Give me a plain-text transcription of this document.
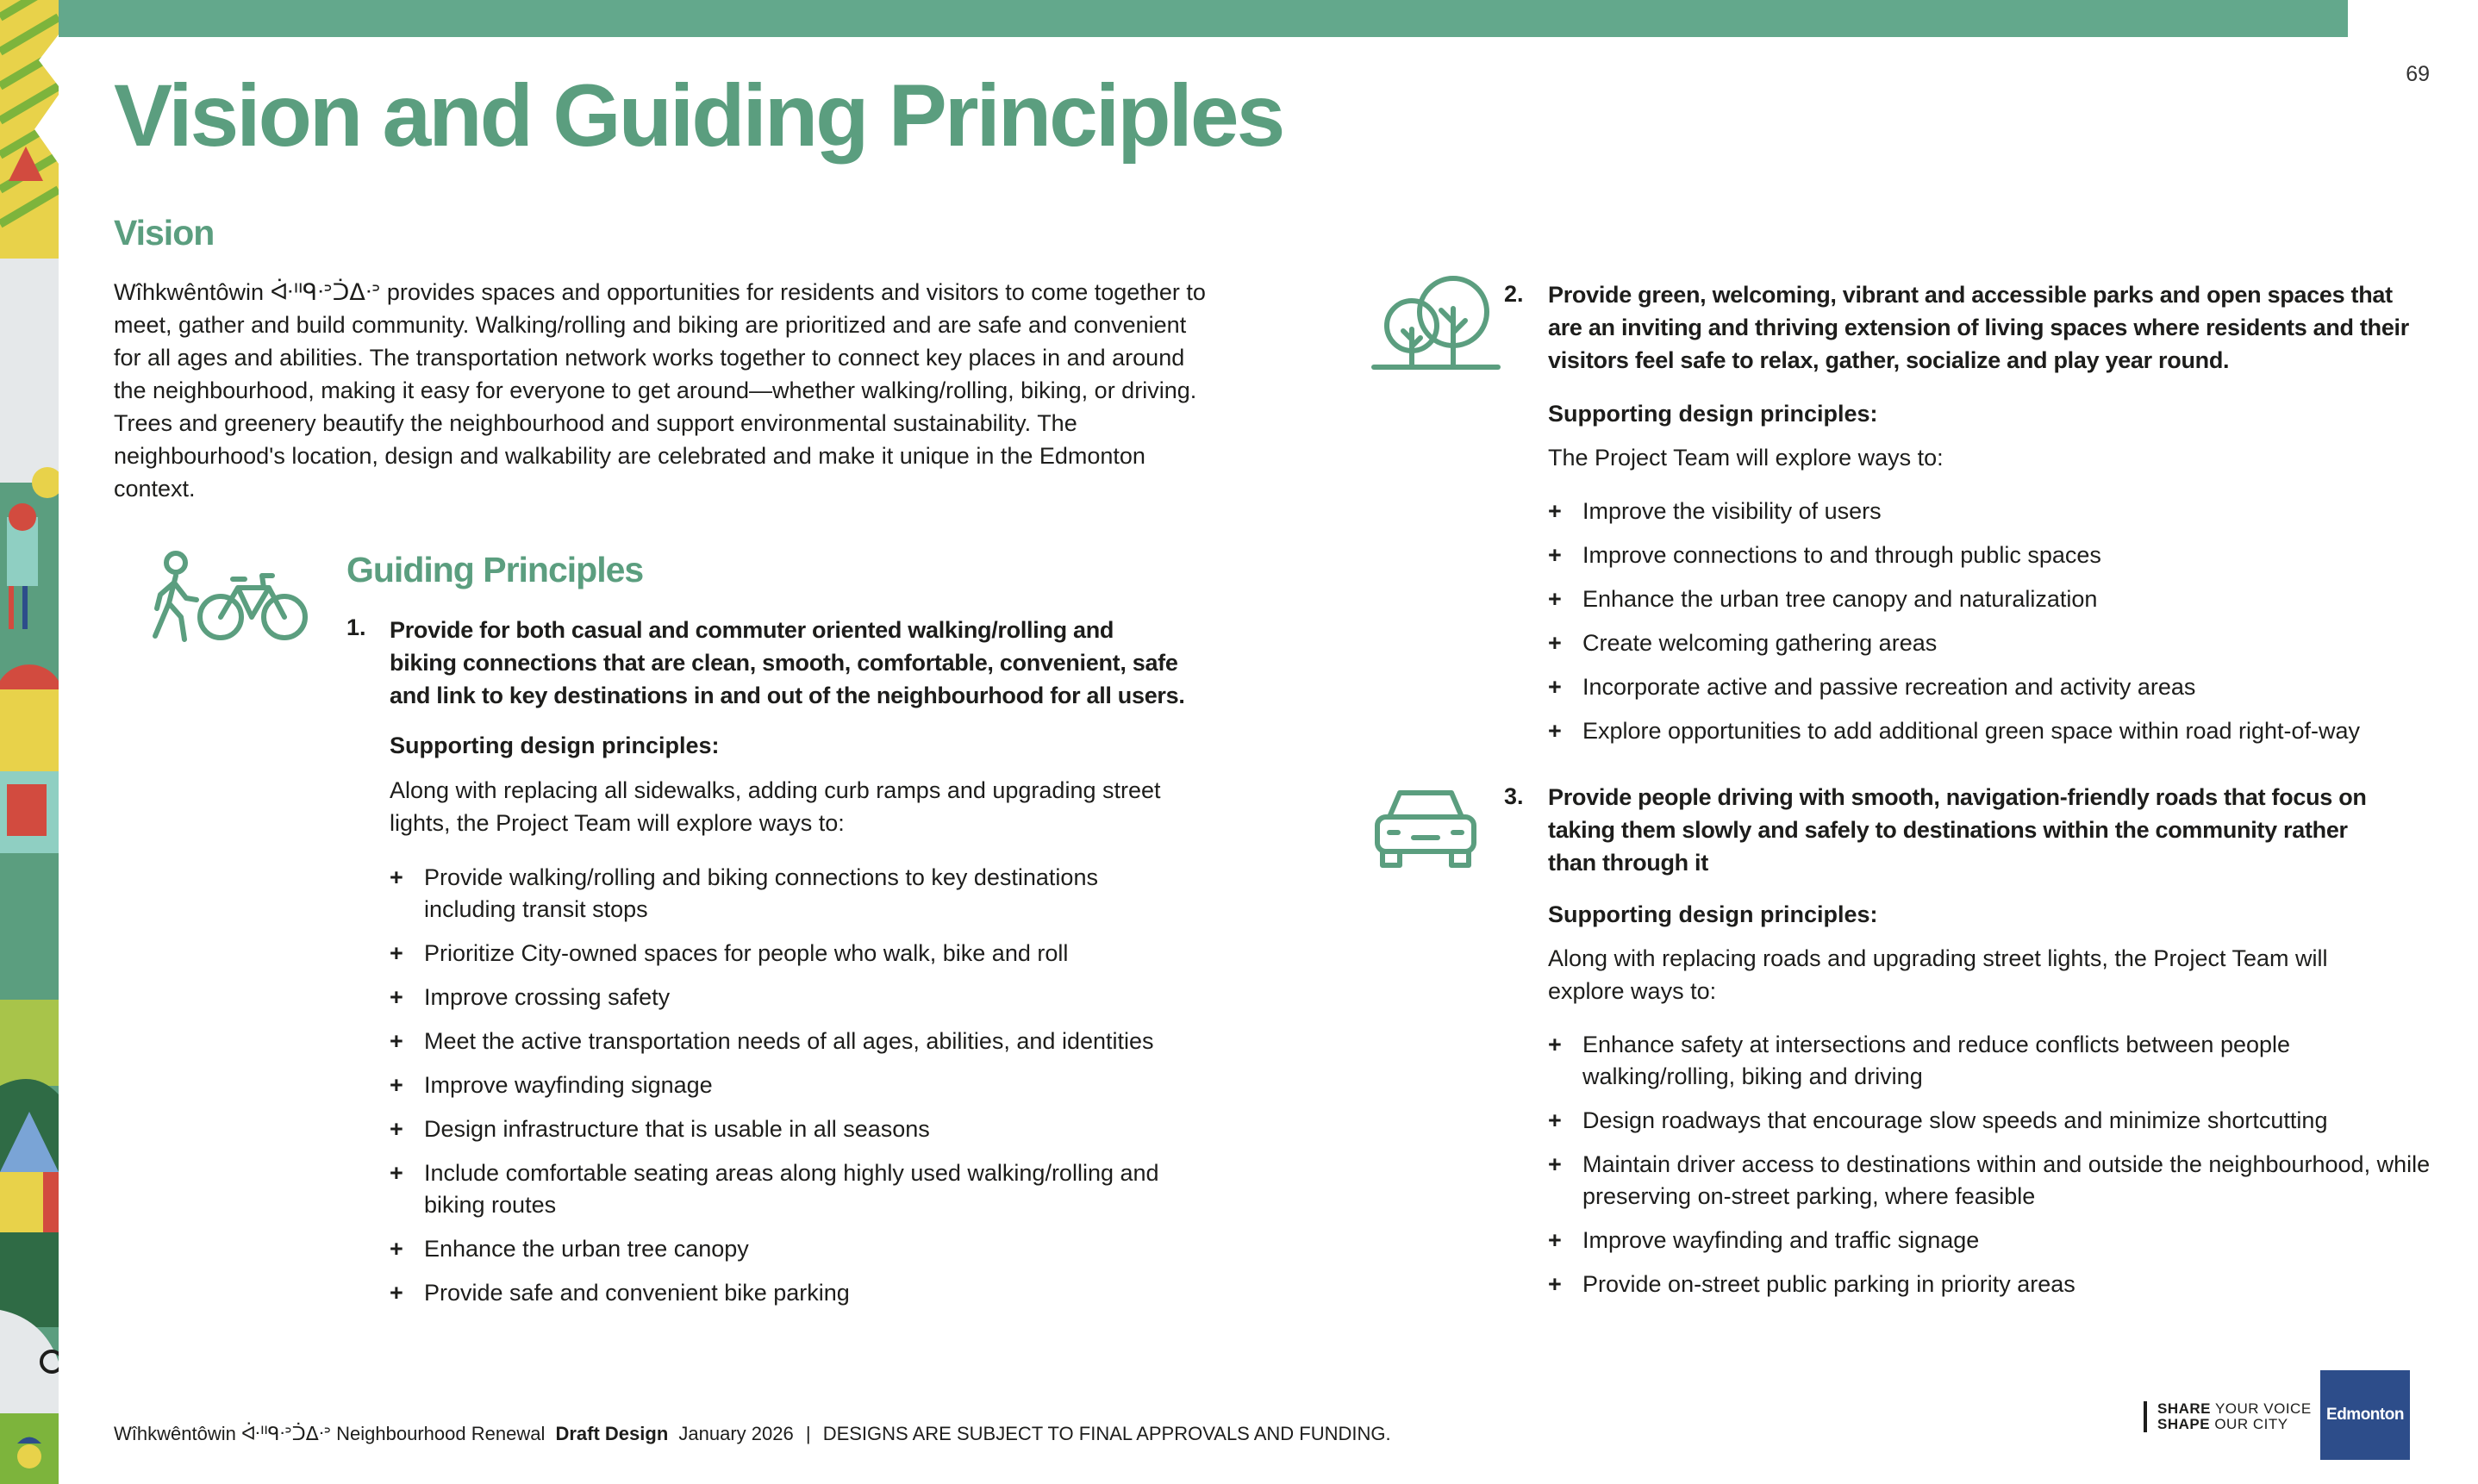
69
Vision and Guiding Principles
Vision

Wîhkwêntôwin ᐚᐦᑫᐧᐣᑑᐃᐧᐣ provides spaces and opportunities for residents and visitors to come together to meet, gather and build community. Walking/rolling and biking are prioritized and are safe and convenient for all ages and abilities. The transportation network works together to connect key places in and around the neighbourhood, making it easy for everyone to get around—whether walking/rolling, biking, or driving. Trees and greenery beautify the neighbourhood and support environmental sustainability. The neighbourhood's location, design and walkability are celebrated and make it unique in the Edmonton context.

Guiding Principles
1. Provide for both casual and commuter oriented walking/rolling and biking connections that are clean, smooth, comfortable, convenient, safe and link to key destinations in and out of the neighbourhood for all users.
Supporting design principles:
Along with replacing all sidewalks, adding curb ramps and upgrading street lights, the Project Team will explore ways to:
+ Provide walking/rolling and biking connections to key destinations including transit stops
+ Prioritize City-owned spaces for people who walk, bike and roll
+ Improve crossing safety
+ Meet the active transportation needs of all ages, abilities, and identities
+ Improve wayfinding signage
+ Design infrastructure that is usable in all seasons
+ Include comfortable seating areas along highly used walking/rolling and biking routes
+ Enhance the urban tree canopy
+ Provide safe and convenient bike parking
2. Provide green, welcoming, vibrant and accessible parks and open spaces that are an inviting and thriving extension of living spaces where residents and their visitors feel safe to relax, gather, socialize and play year round.
Supporting design principles:
The Project Team will explore ways to:
+ Improve the visibility of users
+ Improve connections to and through public spaces
+ Enhance the urban tree canopy and naturalization
+ Create welcoming gathering areas
+ Incorporate active and passive recreation and activity areas
+ Explore opportunities to add additional green space within road right-of-way
3. Provide people driving with smooth, navigation-friendly roads that focus on taking them slowly and safely to destinations within the community rather than through it
Supporting design principles:
Along with replacing roads and upgrading street lights, the Project Team will explore ways to:
+ Enhance safety at intersections and reduce conflicts between people walking/rolling, biking and driving
+ Design roadways that encourage slow speeds and minimize shortcutting
+ Maintain driver access to destinations within and outside the neighbourhood, while preserving on-street parking, where feasible
+ Improve wayfinding and traffic signage
+ Provide on-street public parking in priority areas
Wîhkwêntôwin ᐚᐦᑫᐧᐣᑑᐃᐧᐣ Neighbourhood Renewal Draft Design January 2026 | DESIGNS ARE SUBJECT TO FINAL APPROVALS AND FUNDING.
SHARE YOUR VOICE
SHAPE OUR CITY
Edmonton
